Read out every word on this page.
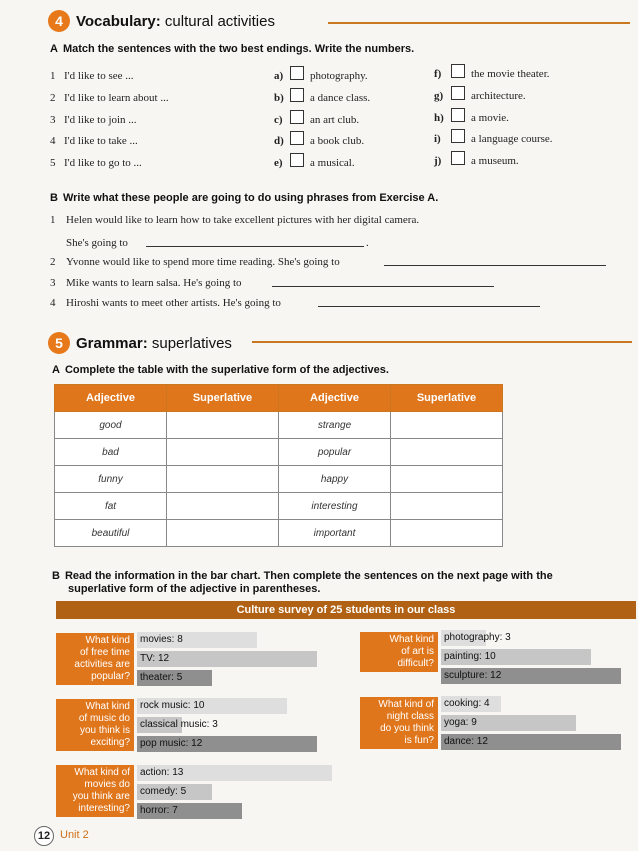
4 Vocabulary: cultural activities
A Match the sentences with the two best endings. Write the numbers.
1 I'd like to see ...	a) photography.	f)	the movie theater.
2 I'd like to learn about ...	b) a dance class.	g)	architecture.
3 I'd like to join ...	c) an art club.	h) a movie.
4 I'd like to take ...	d) a book club.	i)	a language course.
5 I'd like to go to ...	e) a musical.	j)	a museum.
B Write what these people are going to do using phrases from Exercise A.
1 Helen would like to learn how to take excellent pictures with her digital camera.
She's going to	.
2 Yvonne would like to spend more time reading. She's going to
3 Mike wants to learn salsa. He's going to
4 Hiroshi wants to meet other artists. He's going to
5 Grammar: superlatives
A Complete the table with the superlative form of the adjectives.
Adjective	Superlative	Adjective	Superlative
good		strange	
bad		popular	
funny		happy	
fat		interesting	
beautiful		important	
B Read the information in the bar chart. Then complete the sentences on the next page with the
superlative form of the adjective in parentheses.
Culture survey of 25 students in our class
What kind
of free time
activities are
popular?
movies: 8
TV: 12
theater: 5
What kind
of music do
you think is
exciting?
rock music: 10
classical music: 3
pop music: 12
What kind of
movies do
you think are
interesting?
action: 13
comedy: 5
horror: 7
What kind
of art is
difficult?
photography: 3
painting: 10
sculpture: 12
What kind of
night class
do you think
is fun?
cooking: 4
yoga: 9
dance: 12
12 Unit 2
